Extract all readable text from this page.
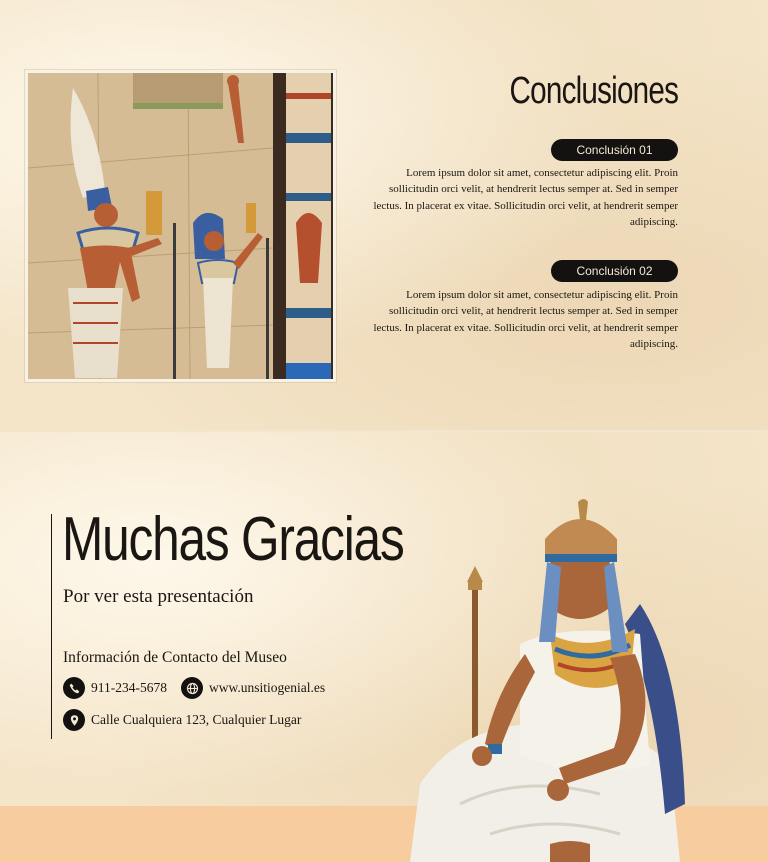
Conclusiones
Conclusión 01

Lorem ipsum dolor sit amet, consectetur adipiscing elit. Proin sollicitudin orci velit, at hendrerit lectus semper at. Sed in semper lectus. In placerat ex vitae. Sollicitudin orci velit, at hendrerit semper adipiscing.

Conclusión 02

Lorem ipsum dolor sit amet, consectetur adipiscing elit. Proin sollicitudin orci velit, at hendrerit lectus semper at. Sed in semper lectus. In placerat ex vitae. Sollicitudin orci velit, at hendrerit semper adipiscing.

Muchas Gracias
Por ver esta presentación
Información de Contacto del Museo
911-234-5678	www.unsitiogenial.es
Calle Cualquiera 123, Cualquier Lugar
